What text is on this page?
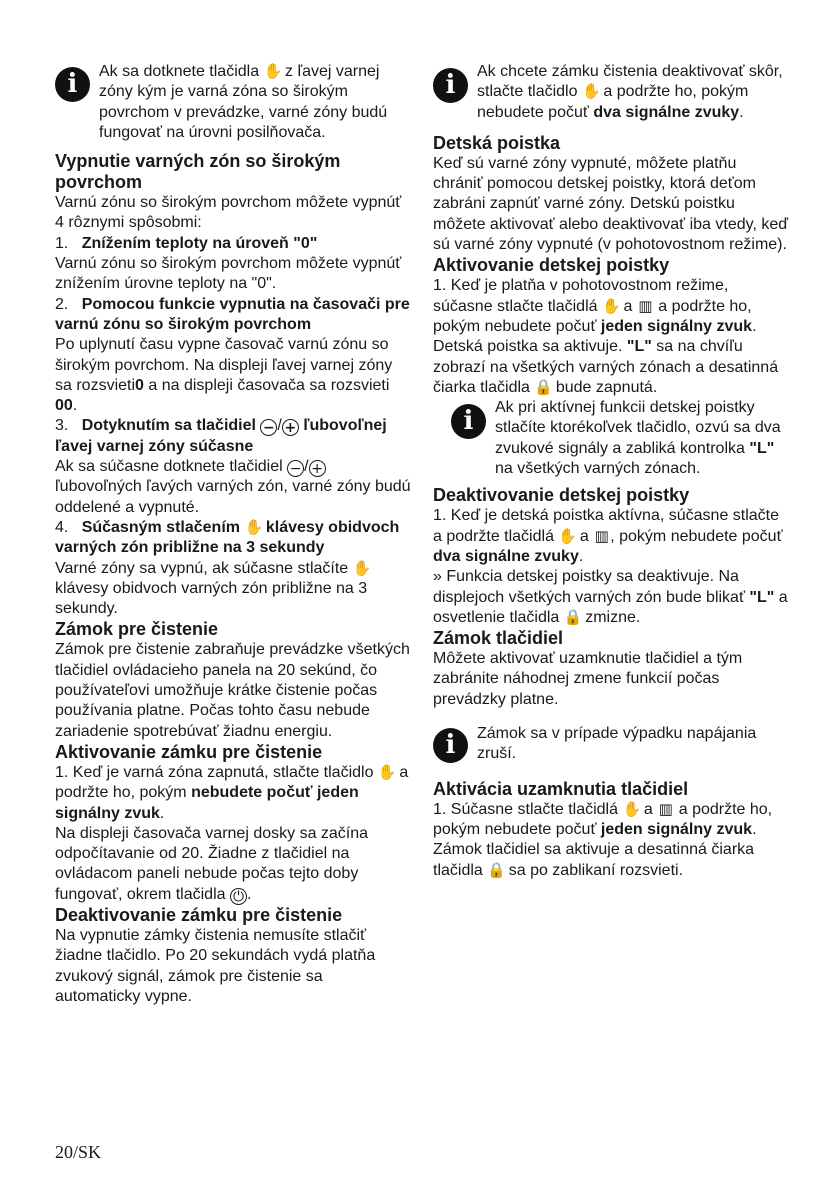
i	Ak sa dotknete tlačidla ✋ z ľavej varnej zóny kým je varná zóna so širokým povrchom v prevádzke, varné zóny budú fungovať na úrovni posilňovača.

Vypnutie varných zón so širokým povrchom

Varnú zónu so širokým povrchom môžete vypnúť 4 rôznymi spôsobmi:

1. Znížením teploty na úroveň "0"

Varnú zónu so širokým povrchom môžete vypnúť znížením úrovne teploty na "0".

2. Pomocou funkcie vypnutia na časovači pre varnú zónu so širokým povrchom

Po uplynutí času vypne časovač varnú zónu so širokým povrchom. Na displeji ľavej varnej zóny sa rozsvieti0 a na displeji časovača sa rozsvieti 00.

3. Dotyknutím sa tlačidiel − / + ľubovoľnej ľavej varnej zóny súčasne

Ak sa súčasne dotknete tlačidiel − / + ľubovoľných ľavých varných zón, varné zóny budú oddelené a vypnuté.

4. Súčasným stlačením ✋ klávesy obidvoch varných zón približne na 3 sekundy

Varné zóny sa vypnú, ak súčasne stlačíte ✋ klávesy obidvoch varných zón približne na 3 sekundy.

Zámok pre čistenie

Zámok pre čistenie zabraňuje prevádzke všetkých tlačidiel ovládacieho panela na 20 sekúnd, čo používateľovi umožňuje krátke čistenie počas používania platne. Počas tohto času nebude zariadenie spotrebúvať žiadnu energiu.

Aktivovanie zámku pre čistenie

1. Keď je varná zóna zapnutá, stlačte tlačidlo ✋ a podržte ho, pokým nebudete počuť jeden signálny zvuk.

Na displeji časovača varnej dosky sa začína odpočítavanie od 20. Žiadne z tlačidiel na ovládacom paneli nebude počas tejto doby fungovať, okrem tlačidla ⏻ .

Deaktivovanie zámku pre čistenie

Na vypnutie zámky čistenia nemusíte stlačiť žiadne tlačidlo. Po 20 sekundách vydá platňa zvukový signál, zámok pre čistenie sa automaticky vypne.

i	Ak chcete zámku čistenia deaktivovať skôr, stlačte tlačidlo ✋ a podržte ho, pokým nebudete počuť dva signálne zvuky.

Detská poistka

Keď sú varné zóny vypnuté, môžete platňu chrániť pomocou detskej poistky, ktorá deťom zabráni zapnúť varné zóny. Detskú poistku môžete aktivovať alebo deaktivovať iba vtedy, keď sú varné zóny vypnuté (v pohotovostnom režime).

Aktivovanie detskej poistky

1. Keď je platňa v pohotovostnom režime, súčasne stlačte tlačidlá ✋ a ▥ a podržte ho, pokým nebudete počuť jeden signálny zvuk. Detská poistka sa aktivuje. "L" sa na chvíľu zobrazí na všetkých varných zónach a desatinná čiarka tlačidla 🔒 bude zapnutá.

i	Ak pri aktívnej funkcii detskej poistky stlačíte ktorékoľvek tlačidlo, ozvú sa dva zvukové signály a zabliká kontrolka "L" na všetkých varných zónach.

Deaktivovanie detskej poistky

1. Keď je detská poistka aktívna, súčasne stlačte a podržte tlačidlá ✋ a ▥, pokým nebudete počuť dva signálne zvuky.

» Funkcia detskej poistky sa deaktivuje. Na displejoch všetkých varných zón bude blikať "L" a osvetlenie tlačidla 🔒 zmizne.

Zámok tlačidiel

Môžete aktivovať uzamknutie tlačidiel a tým zabránite náhodnej zmene funkcií počas prevádzky platne.

i	Zámok sa v prípade výpadku napájania zruší.

Aktivácia uzamknutia tlačidiel

1. Súčasne stlačte tlačidlá ✋ a ▥ a podržte ho, pokým nebudete počuť jeden signálny zvuk.

Zámok tlačidiel sa aktivuje a desatinná čiarka tlačidla 🔒 sa po zablikaní rozsvieti.

20/SK
